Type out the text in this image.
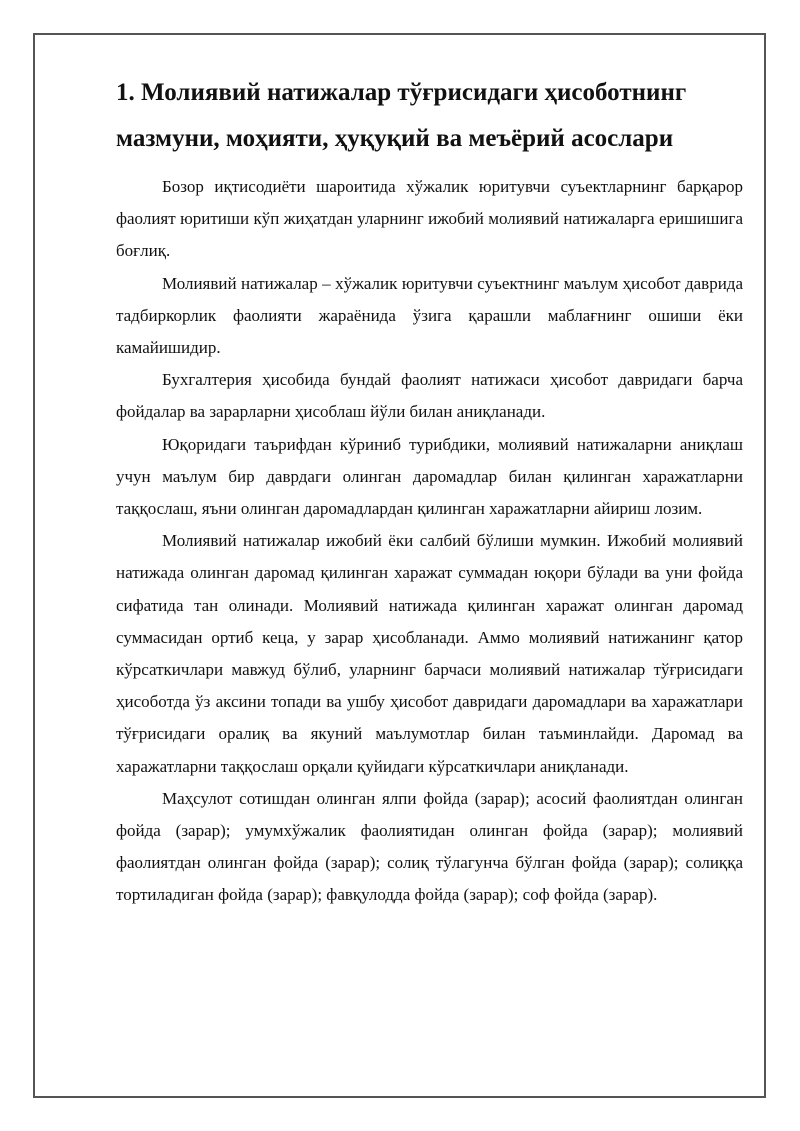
1. Молиявий натижалар тўғрисидаги ҳисоботнинг мазмуни, моҳияти, ҳуқуқий ва меъёрий асослари

Бозор иқтисодиёти шароитида хўжалик юритувчи суъектларнинг барқарор фаолият юритиши кўп жиҳатдан уларнинг ижобий молиявий натижаларга еришишига боғлиқ.

Молиявий натижалар – хўжалик юритувчи суъектнинг маълум ҳисобот даврида тадбиркорлик фаолияти жараёнида ўзига қарашли маблағнинг ошиши ёки камайишидир.

Бухгалтерия ҳисобида бундай фаолият натижаси ҳисобот давридаги барча фойдалар ва зарарларни ҳисоблаш йўли билан аниқланади.

Юқоридаги таърифдан кўриниб турибдики, молиявий натижаларни аниқлаш учун маълум бир даврдаги олинган даромадлар билан қилинган харажатларни таққослаш, яъни олинган даромадлардан қилинган харажатларни айириш лозим.

Молиявий натижалар ижобий ёки салбий бўлиши мумкин. Ижобий молиявий натижада олинган даромад қилинган харажат суммадан юқори бўлади ва уни фойда сифатида тан олинади. Молиявий натижада қилинган харажат олинган даромад суммасидан ортиб кеца, у зарар ҳисобланади. Аммо молиявий натижанинг қатор кўрсаткичлари мавжуд бўлиб, уларнинг барчаси молиявий натижалар тўғрисидаги ҳисоботда ўз аксини топади ва ушбу ҳисобот давридаги даромадлари ва харажатлари тўғрисидаги оралиқ ва якуний маълумотлар билан таъминлайди. Даромад ва харажатларни таққослаш орқали қуйидаги кўрсаткичлари аниқланади.

Маҳсулот сотишдан олинган ялпи фойда (зарар); асосий фаолиятдан олинган фойда (зарар); умумхўжалик фаолиятидан олинган фойда (зарар); молиявий фаолиятдан олинган фойда (зарар); солиқ тўлагунча бўлган фойда (зарар); солиққа тортиладиган фойда (зарар); фавқулодда фойда (зарар); соф фойда (зарар).
